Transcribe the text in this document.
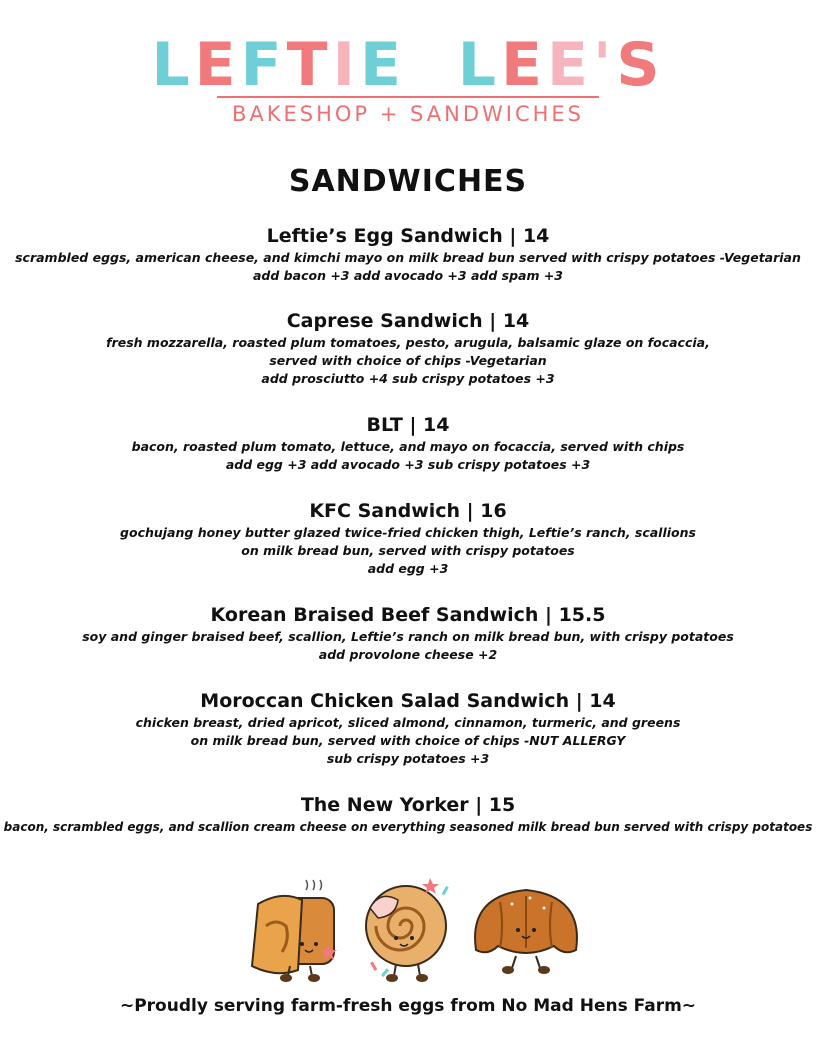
LEFTIE LEE'S
BAKESHOP + SANDWICHES
SANDWICHES
Leftie’s Egg Sandwich | 14
scrambled eggs, american cheese, and kimchi mayo on milk bread bun served with crispy potatoes -Vegetarian
add bacon +3 add avocado +3 add spam +3
Caprese Sandwich | 14
fresh mozzarella, roasted plum tomatoes, pesto, arugula, balsamic glaze on focaccia,
served with choice of chips -Vegetarian
add prosciutto +4 sub crispy potatoes +3
BLT | 14
bacon, roasted plum tomato, lettuce, and mayo on focaccia, served with chips
add egg +3 add avocado +3 sub crispy potatoes +3
KFC Sandwich | 16
gochujang honey butter glazed twice-fried chicken thigh, Leftie’s ranch, scallions
on milk bread bun, served with crispy potatoes
add egg +3
Korean Braised Beef Sandwich | 15.5
soy and ginger braised beef, scallion, Leftie’s ranch on milk bread bun, with crispy potatoes
add provolone cheese +2
Moroccan Chicken Salad Sandwich | 14
chicken breast, dried apricot, sliced almond, cinnamon, turmeric, and greens
on milk bread bun, served with choice of chips -NUT ALLERGY
sub crispy potatoes +3
The New Yorker | 15
bacon, scrambled eggs, and scallion cream cheese on everything seasoned milk bread bun served with crispy potatoes
~Proudly serving farm-fresh eggs from No Mad Hens Farm~
